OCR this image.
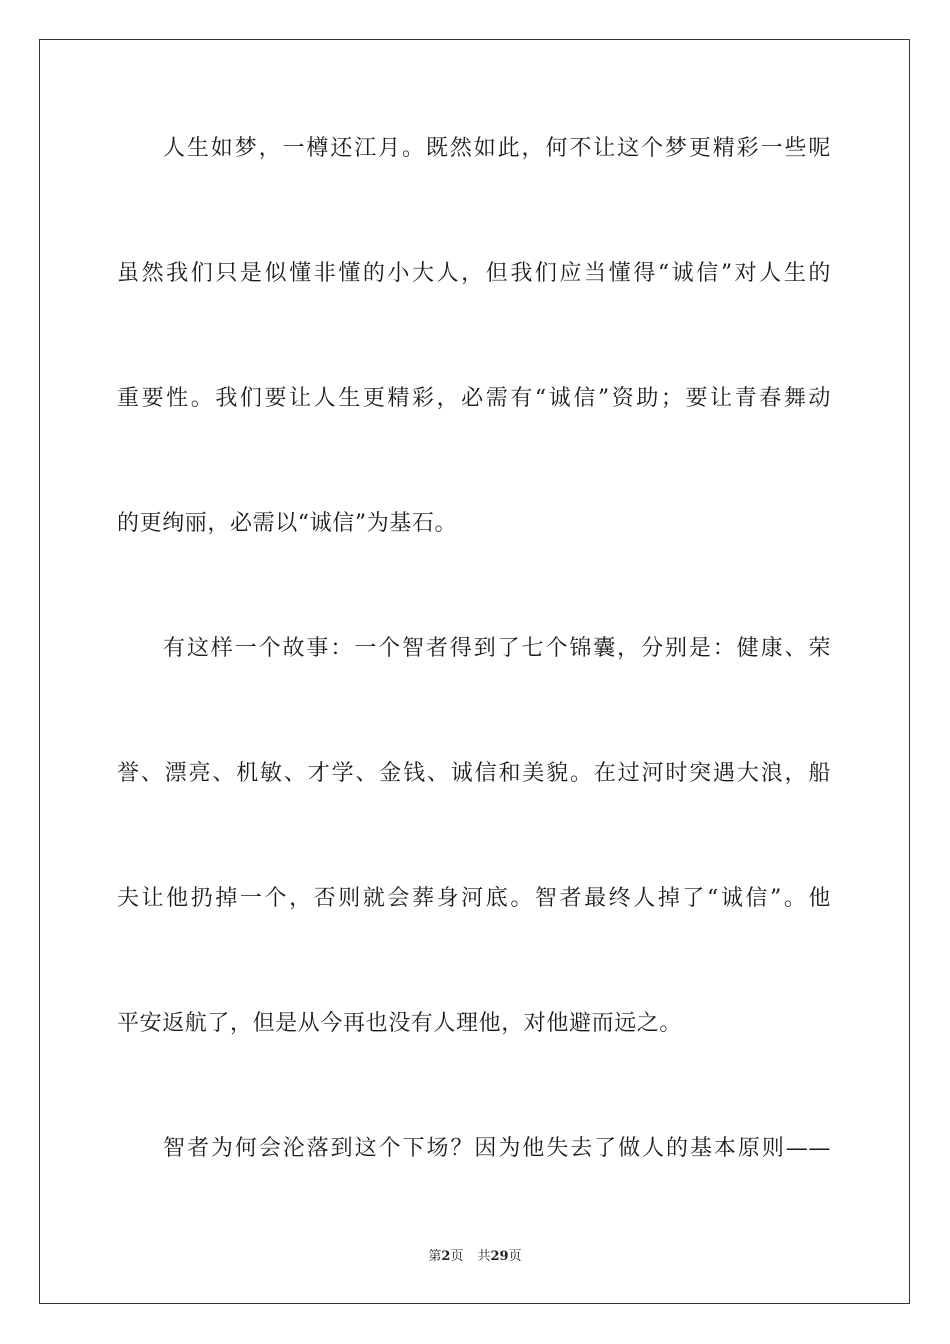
人生如梦，一樽还江月。既然如此，何不让这个梦更精彩一些呢
虽然我们只是似懂非懂的小大人，但我们应当懂得“诚信”对人生的
重要性。我们要让人生更精彩，必需有“诚信”资助；要让青春舞动
的更绚丽，必需以“诚信”为基石。
有这样一个故事：一个智者得到了七个锦囊，分别是：健康、荣
誉、漂亮、机敏、才学、金钱、诚信和美貌。在过河时突遇大浪，船
夫让他扔掉一个，否则就会葬身河底。智者最终人掉了“诚信”。他
平安返航了，但是从今再也没有人理他，对他避而远之。
智者为何会沦落到这个下场？因为他失去了做人的基本原则——
第2页 共29页
